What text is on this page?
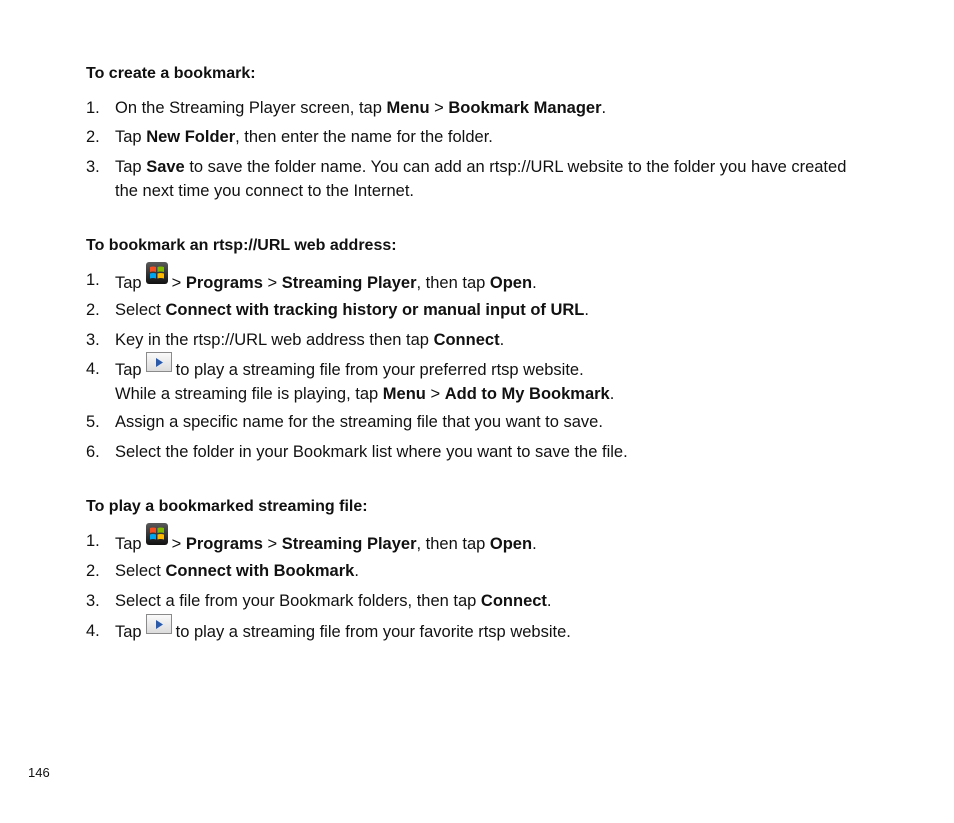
To create a bookmark:
1. On the Streaming Player screen, tap Menu > Bookmark Manager.
2. Tap New Folder, then enter the name for the folder.
3. Tap Save to save the folder name. You can add an rtsp://URL website to the folder you have created
the next time you connect to the Internet.
To bookmark an rtsp://URL web address:
1. Tap > Programs > Streaming Player, then tap Open.
2. Select Connect with tracking history or manual input of URL.
3. Key in the rtsp://URL web address then tap Connect.
4. Tap to play a streaming file from your preferred rtsp website.
While a streaming file is playing, tap Menu > Add to My Bookmark.
5. Assign a specific name for the streaming file that you want to save.
6. Select the folder in your Bookmark list where you want to save the file.
To play a bookmarked streaming file:
1. Tap > Programs > Streaming Player, then tap Open.
2. Select Connect with Bookmark.
3. Select a file from your Bookmark folders, then tap Connect.
4. Tap to play a streaming file from your favorite rtsp website.
146
